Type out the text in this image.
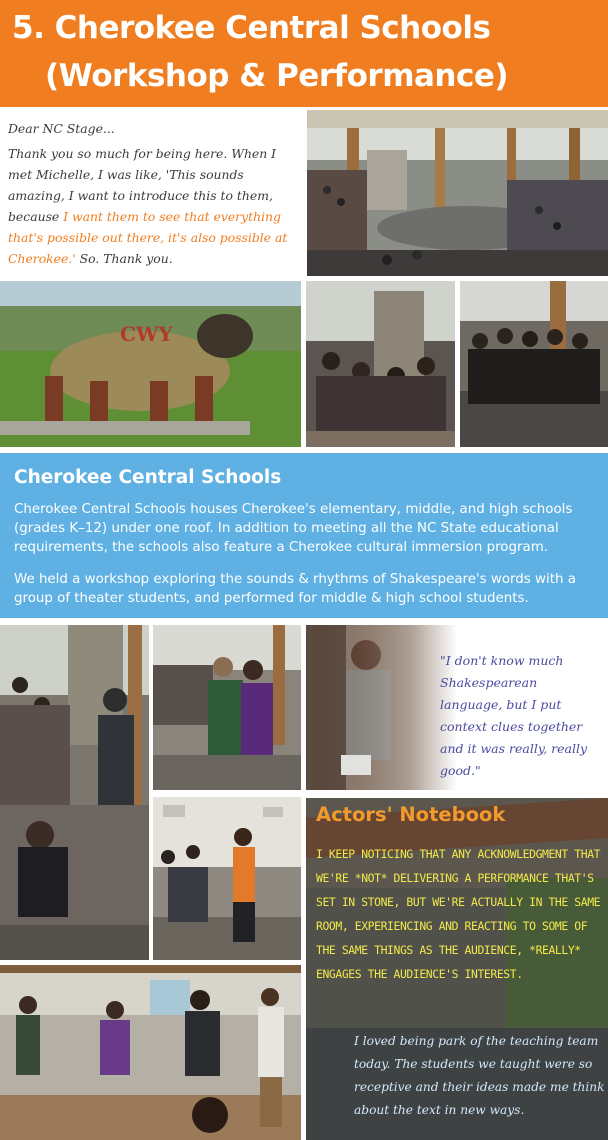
5. Cherokee Central Schools
(Workshop & Performance)
Dear NC Stage...
Thank you so much for being here. When I met Michelle, I was like, 'This sounds amazing, I want to introduce this to them, because I want them to see that everything that's possible out there, it's also possible at Cherokee.' So. Thank you.
CWY
Cherokee Central Schools
Cherokee Central Schools houses Cherokee's elementary, middle, and high schools (grades K–12) under one roof. In addition to meeting all the NC State educational requirements, the schools also feature a Cherokee cultural immersion program.
We held a workshop exploring the sounds & rhythms of Shakespeare's words with a group of theater students, and performed for middle & high school students.
"I don't know much Shakespearean language, but I put context clues together and it was really, really good."
Actors' Notebook
I KEEP NOTICING THAT ANY ACKNOWLEDGMENT THAT WE'RE *NOT* DELIVERING A PERFORMANCE THAT'S SET IN STONE, BUT WE'RE ACTUALLY IN THE SAME ROOM, EXPERIENCING AND REACTING TO SOME OF THE SAME THINGS AS THE AUDIENCE, *REALLY* ENGAGES THE AUDIENCE'S INTEREST.
I loved being park of the teaching team today. The students we taught were so receptive and their ideas made me think about the text in new ways.
